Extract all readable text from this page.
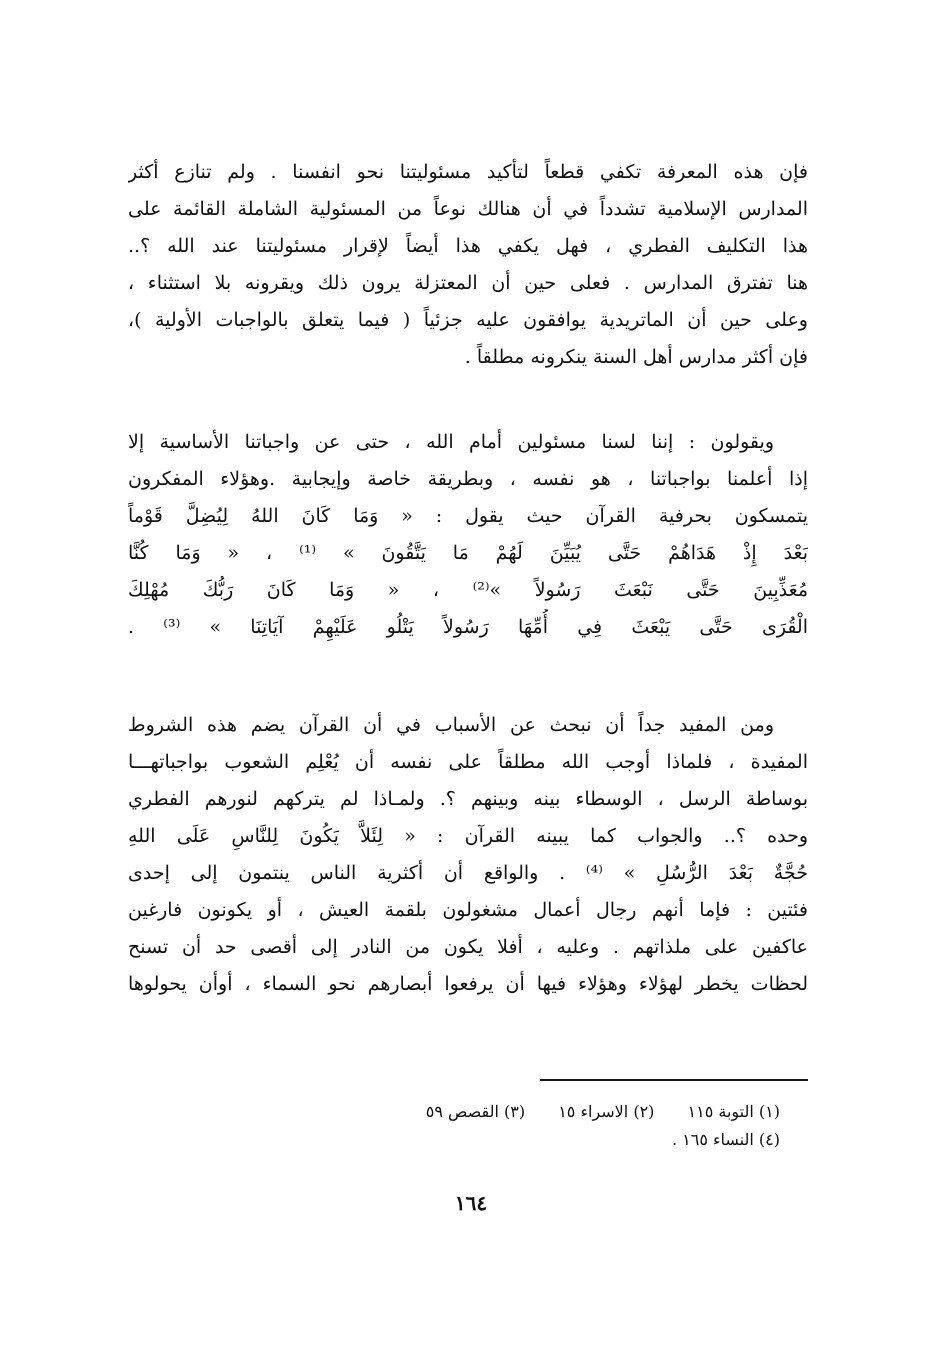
فإن هذه المعرفة تكفي قطعاً لتأكيد مسئوليتنا نحو انفسنا . ولم تنازع أكثر
المدارس الإسلامية تشدداً في أن هنالك نوعاً من المسئولية الشاملة القائمة على
هذا التكليف الفطري ، فهل يكفي هذا أيضاً لإقرار مسئوليتنا عند الله ؟..
هنا تفترق المدارس . فعلى حين أن المعتزلة يرون ذلك ويقرونه بلا استثناء ،
وعلى حين أن الماتريدية يوافقون عليه جزئياً ( فيما يتعلق بالواجبات الأولية )،
فإن أكثر مدارس أهل السنة ينكرونه مطلقاً .
ويقولون : إننا لسنا مسئولين أمام الله ، حتى عن واجباتنا الأساسية إلا
إذا أعلمنا بواجباتنا ، هو نفسه ، وبطريقة خاصة وإيجابية .وهؤلاء المفكرون
يتمسكون بحرفية القرآن حيث يقول : « وَمَا كَانَ اللهُ لِيُضِلَّ قَوْماً
بَعْدَ إِذْ هَدَاهُمْ حَتَّى يُبَيِّنَ لَهُمْ مَا يَتَّقُونَ » ⁽¹⁾ ، « وَمَا كُنَّا
مُعَذِّبِينَ حَتَّى نَبْعَثَ رَسُولاً »⁽²⁾ ، « وَمَا كَانَ رَبُّكَ مُهْلِكَ
الْقُرَى حَتَّى يَبْعَثَ فِي أُمِّهَا رَسُولاً يَتْلُو عَلَيْهِمْ آيَاتِنَا » ⁽³⁾ .
ومن المفيد جداً أن نبحث عن الأسباب في أن القرآن يضم هذه الشروط
المفيدة ، فلماذا أوجب الله مطلقاً على نفسه أن يُعْلِم الشعوب بواجباتهـــا
بوساطة الرسل ، الوسطاء بينه وبينهم ؟. ولمـاذا لم يتركهم لنورهم الفطري
وحده ؟.. والجواب كما يبينه القرآن : « لِئَلاَّ يَكُونَ لِلنَّاسِ عَلَى اللهِ
حُجَّةٌ بَعْدَ الرُّسُلِ » ⁽⁴⁾ . والواقع أن أكثرية الناس ينتمون إلى إحدى
فئتين : فإما أنهم رجال أعمال مشغولون بلقمة العيش ، أو يكونون فارغين
عاكفين على ملذاتهم . وعليه ، أفلا يكون من النادر إلى أقصى حد أن تسنح
لحظات يخطر لهؤلاء وهؤلاء فيها أن يرفعوا أبصارهم نحو السماء ، أوأن يحولوها
(١) التوبة ١١٥ (٢) الاسراء ١٥ (٣) القصص ٥٩
(٤) النساء ١٦٥ .
١٦٤
